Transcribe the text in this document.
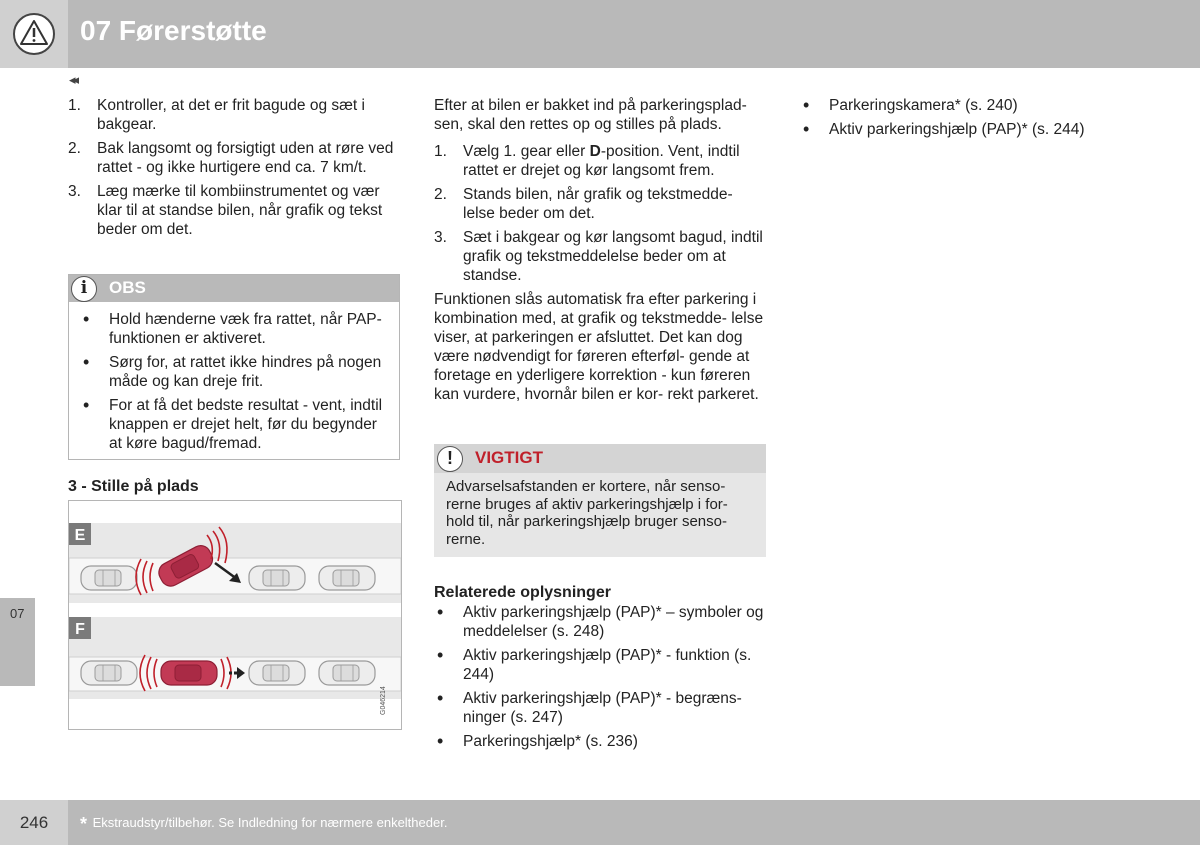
07 Førerstøtte
◂◂
1. Kontroller, at det er frit bagude og sæt i bakgear.
2. Bak langsomt og forsigtigt uden at røre ved rattet - og ikke hurtigere end ca. 7 km/t.
3. Læg mærke til kombiinstrumentet og vær klar til at standse bilen, når grafik og tekst beder om det.
i	OBS
• Hold hænderne væk fra rattet, når PAP-funktionen er aktiveret.
• Sørg for, at rattet ikke hindres på nogen måde og kan dreje frit.
• For at få det bedste resultat - vent, indtil knappen er drejet helt, før du begynder at køre bagud/fremad.
3 - Stille på plads
E
F
G046214

Efter at bilen er bakket ind på parkeringsplad- sen, skal den rettes op og stilles på plads.

1. Vælg 1. gear eller D-position. Vent, indtil rattet er drejet og kør langsomt frem.
2. Stands bilen, når grafik og tekstmedde- lelse beder om det.
3. Sæt i bakgear og kør langsomt bagud, indtil grafik og tekstmeddelelse beder om at standse.

Funktionen slås automatisk fra efter parkering i kombination med, at grafik og tekstmedde- lelse viser, at parkeringen er afsluttet. Det kan dog være nødvendigt for føreren efterføl- gende at foretage en yderligere korrektion - kun føreren kan vurdere, hvornår bilen er kor- rekt parkeret.

!	VIGTIGT
Advarselsafstanden er kortere, når senso- rerne bruges af aktiv parkeringshjælp i for- hold til, når parkeringshjælp bruger senso- rerne.
Relaterede oplysninger
• Aktiv parkeringshjælp (PAP)* – symboler og meddelelser (s. 248)
• Aktiv parkeringshjælp (PAP)* - funktion (s. 244)
• Aktiv parkeringshjælp (PAP)* - begræns- ninger (s. 247)
• Parkeringshjælp* (s. 236)
• Parkeringskamera* (s. 240)
• Aktiv parkeringshjælp (PAP)* (s. 244)
07
246	* Ekstraudstyr/tilbehør. Se Indledning for nærmere enkeltheder.
